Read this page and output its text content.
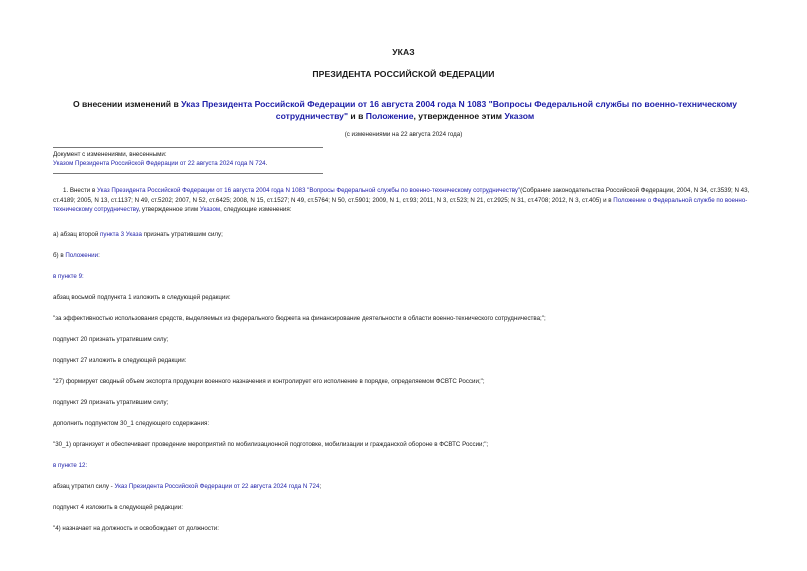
УКАЗ
ПРЕЗИДЕНТА РОССИЙСКОЙ ФЕДЕРАЦИИ
О внесении изменений в Указ Президента Российской Федерации от 16 августа 2004 года N 1083 "Вопросы Федеральной службы по военно-техническому сотрудничеству" и в Положение, утвержденное этим Указом
(с изменениями на 22 августа 2024 года)
Документ с изменениями, внесенными:
Указом Президента Российской Федерации от 22 августа 2024 года N 724.

1. Внести в Указ Президента Российской Федерации от 16 августа 2004 года N 1083 "Вопросы Федеральной службы по военно-техническому сотрудничеству"(Собрание законодательства Российской Федерации, 2004, N 34, ст.3539; N 43, ст.4189; 2005, N 13, ст.1137; N 49, ст.5202; 2007, N 52, ст.6425; 2008, N 15, ст.1527; N 49, ст.5764; N 50, ст.5901; 2009, N 1, ст.93; 2011, N 3, ст.523; N 21, ст.2925; N 31, ст.4708; 2012, N 3, ст.405) и в Положение о Федеральной службе по военно-техническому сотрудничеству, утвержденное этим Указом, следующие изменения:

а) абзац второй пункта 3 Указа признать утратившим силу;

б) в Положении:

в пункте 9:

абзац восьмой подпункта 1 изложить в следующей редакции:

"за эффективностью использования средств, выделяемых из федерального бюджета на финансирование деятельности в области военно-технического сотрудничества;";

подпункт 20 признать утратившим силу;

подпункт 27 изложить в следующей редакции:

"27) формирует сводный объем экспорта продукции военного назначения и контролирует его исполнение в порядке, определяемом ФСВТС России;";

подпункт 29 признать утратившим силу;

дополнить подпунктом 30_1 следующего содержания:

"30_1) организует и обеспечивает проведение мероприятий по мобилизационной подготовке, мобилизации и гражданской обороне в ФСВТС России;";

в пункте 12:

абзац утратил силу - Указ Президента Российской Федерации от 22 августа 2024 года N 724;

подпункт 4 изложить в следующей редакции:

"4) назначает на должность и освобождает от должности:
